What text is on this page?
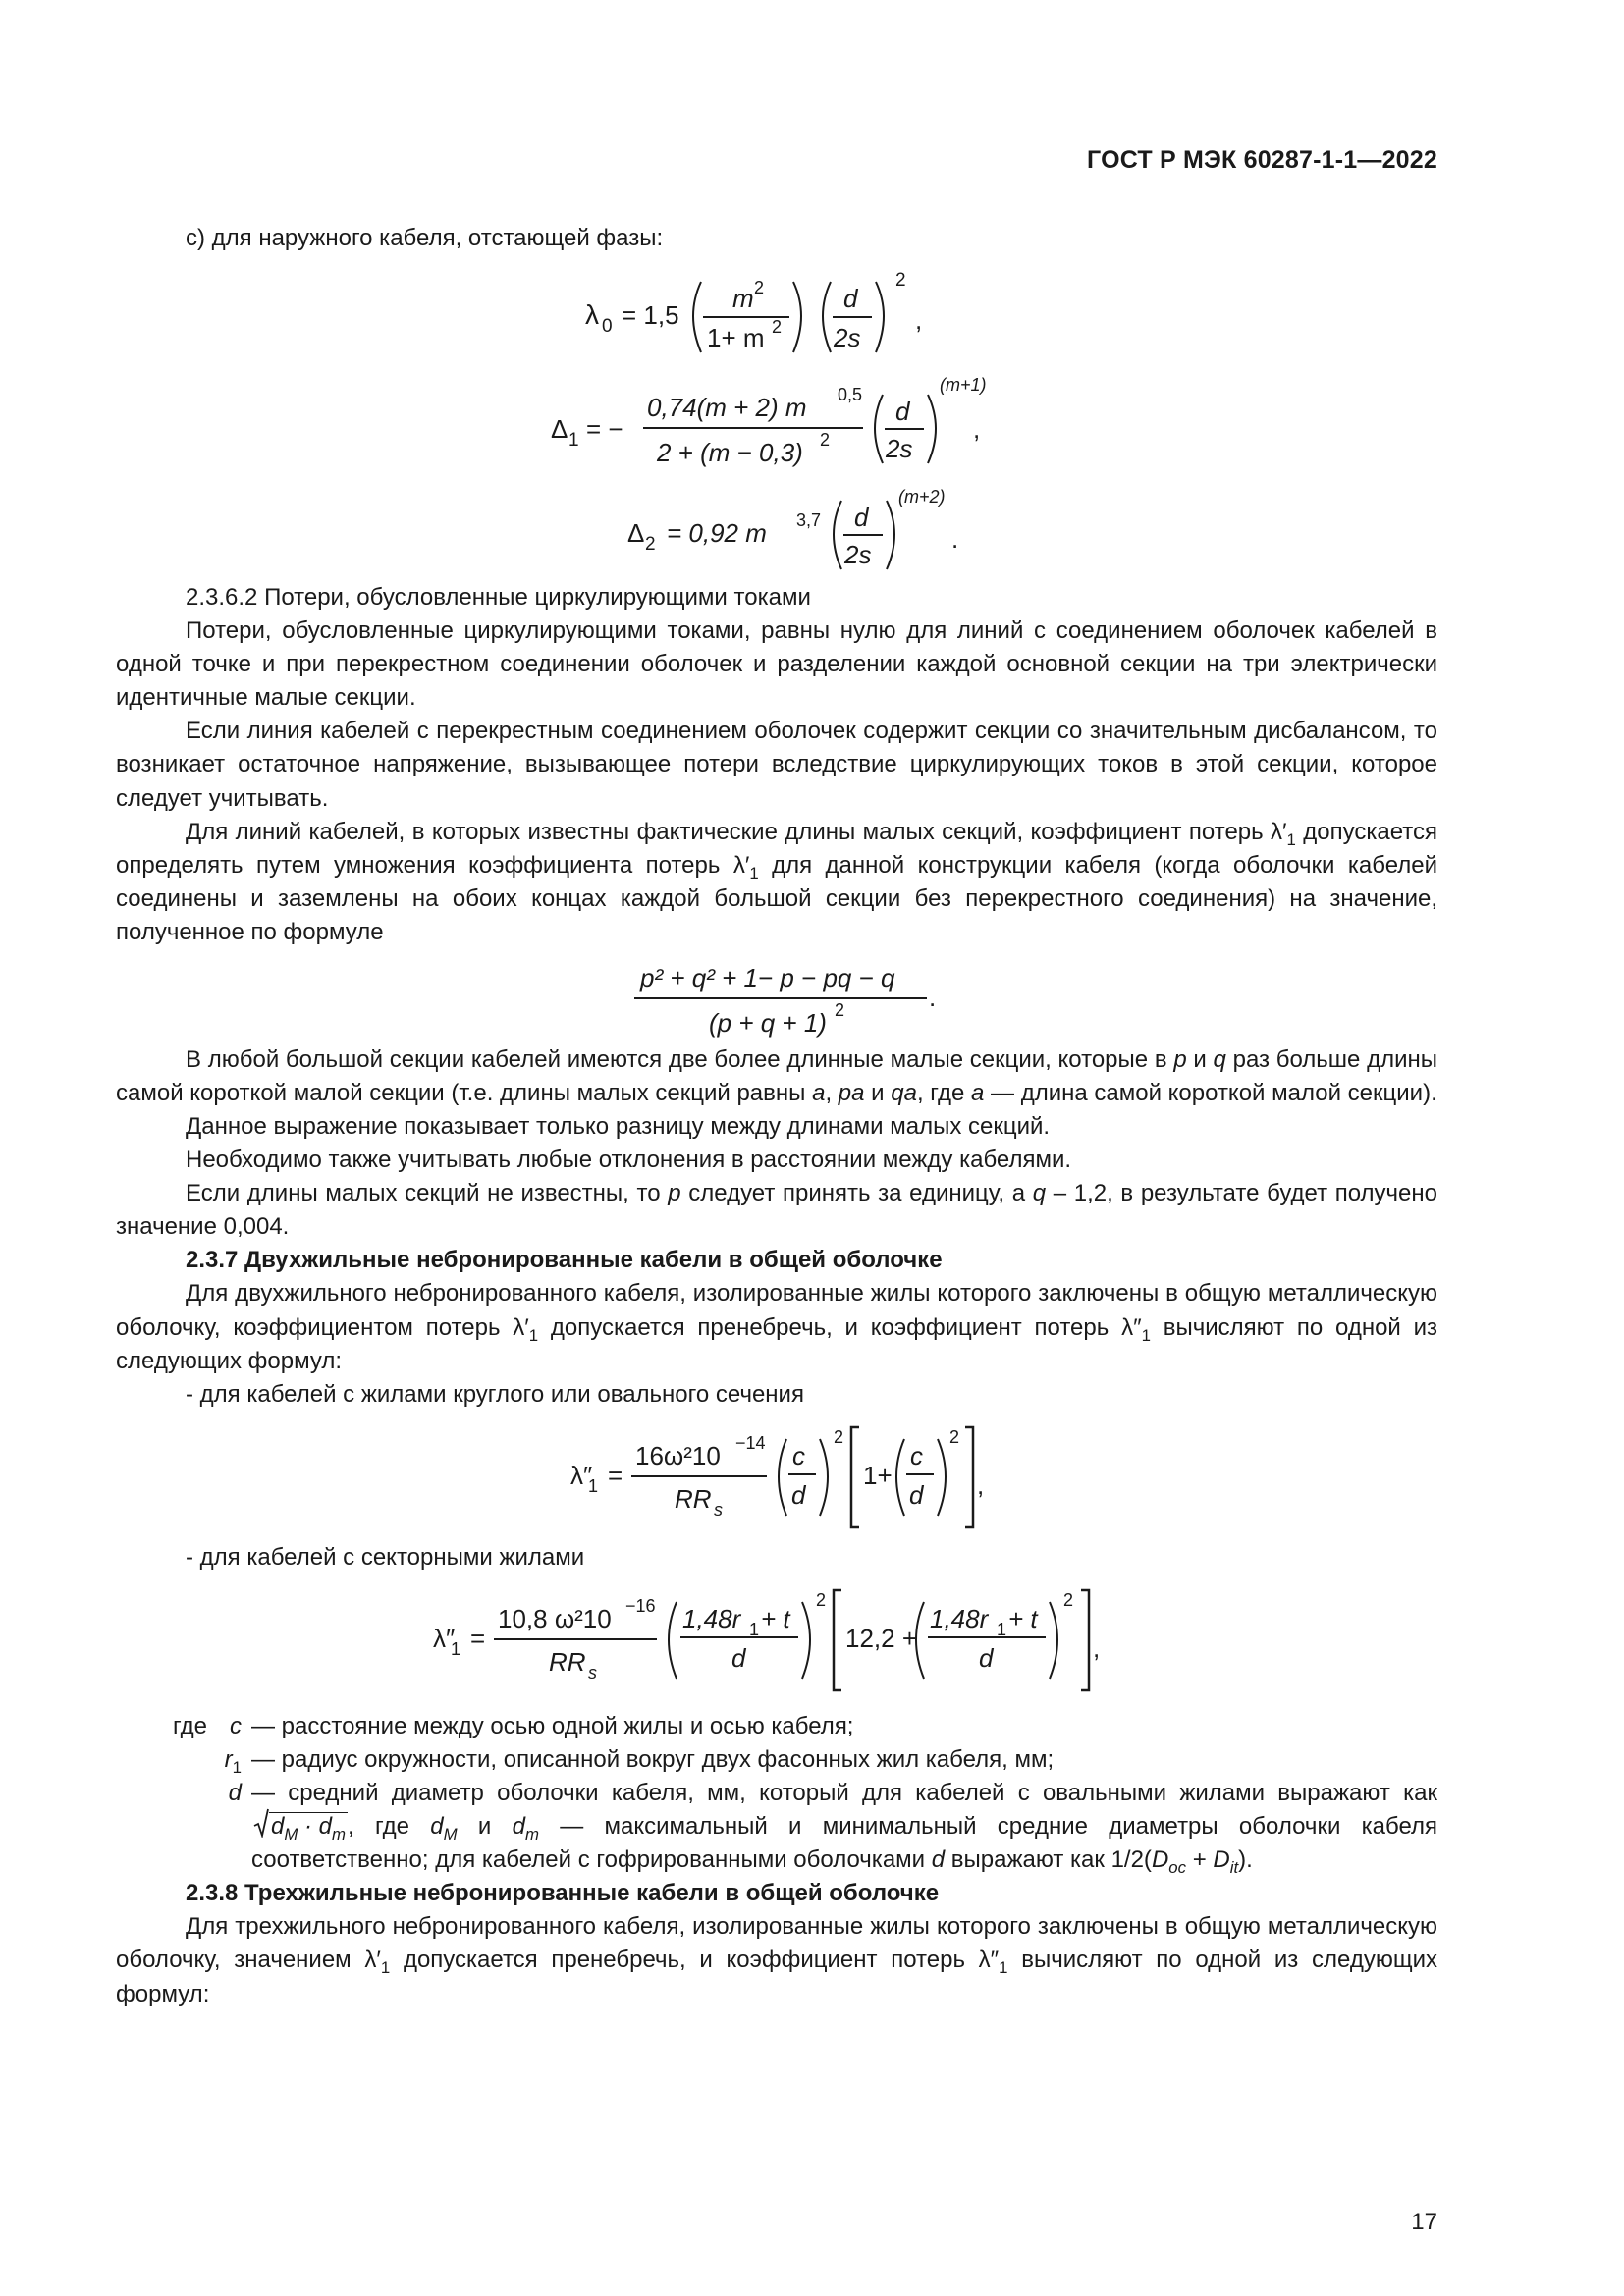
ГОСТ Р МЭК 60287-1-1—2022

c) для наружного кабеля, отстающей фазы:

λ 0 = 1,5
m 2
1+ m 2
d
2s
2
,
Δ 1 = −
0,74(m + 2) m 0,5
2 + (m − 0,3) 2
d
2s
(m+1)
,
Δ 2 = 0,92 m 3,7 d
2s
(m+2)
.

2.3.6.2 Потери, обусловленные циркулирующими токами

Потери, обусловленные циркулирующими токами, равны нулю для линий с соединением оболочек кабелей в одной точке и при перекрестном соединении оболочек и разделении каждой основной секции на три электрически идентичные малые секции.

Если линия кабелей с перекрестным соединением оболочек содержит секции со значительным дисбалансом, то возникает остаточное напряжение, вызывающее потери вследствие циркулирующих токов в этой секции, которое следует учитывать.

Для линий кабелей, в которых известны фактические длины малых секций, коэффициент потерь $\lambda'_1$ допускается определять путем умножения коэффициента потерь $\lambda'_1$ для данной конструкции кабеля (когда оболочки кабелей соединены и заземлены на обоих концах каждой большой секции без перекрестного соединения) на значение, полученное по формуле

p² + q² + 1− p − pq − q
(p + q + 1) 2	.

В любой большой секции кабелей имеются две более длинные малые секции, которые в p и q раз больше длины самой короткой малой секции (т.е. длины малых секций равны a, pa и qa, где a — длина самой короткой малой секции).

Данное выражение показывает только разницу между длинами малых секций.

Необходимо также учитывать любые отклонения в расстоянии между кабелями.

Если длины малых секций не известны, то p следует принять за единицу, а q – 1,2, в результате будет получено значение 0,004.

2.3.7 Двухжильные небронированные кабели в общей оболочке

Для двухжильного небронированного кабеля, изолированные жилы которого заключены в общую металлическую оболочку, коэффициентом потерь $\lambda'_1$ допускается пренебречь, и коэффициент потерь $\lambda''_1$ вычисляют по одной из следующих формул:

- для кабелей с жилами круглого или овального сечения

λ″
1 =
16ω²10 −14
RR s
c
d
2
1+
c
d
2
,

- для кабелей с секторными жилами

λ″
1 =
10,8 ω²10 −16
RR s
1,48r 1 + t
d
2
12,2 +
1,48r 1 + t
d
2
,
где c — расстояние между осью одной жилы и осью кабеля;
$r_1$ — радиус окружности, описанной вокруг двух фасонных жил кабеля, мм;
d — средний диаметр оболочки кабеля, мм, который для кабелей с овальными жилами выражают как
$d_M \cdot d_m$, где $d_M$ и $d_m$ — максимальный и минимальный средние диаметры оболочки кабеля соответственно; для кабелей с гофрированными оболочками d выражают как $1/2(D_{oc} + D_{it})$.

2.3.8 Трехжильные небронированные кабели в общей оболочке

Для трехжильного небронированного кабеля, изолированные жилы которого заключены в общую металлическую оболочку, значением $\lambda'_1$ допускается пренебречь, и коэффициент потерь $\lambda''_1$ вычисляют по одной из следующих формул:

17
